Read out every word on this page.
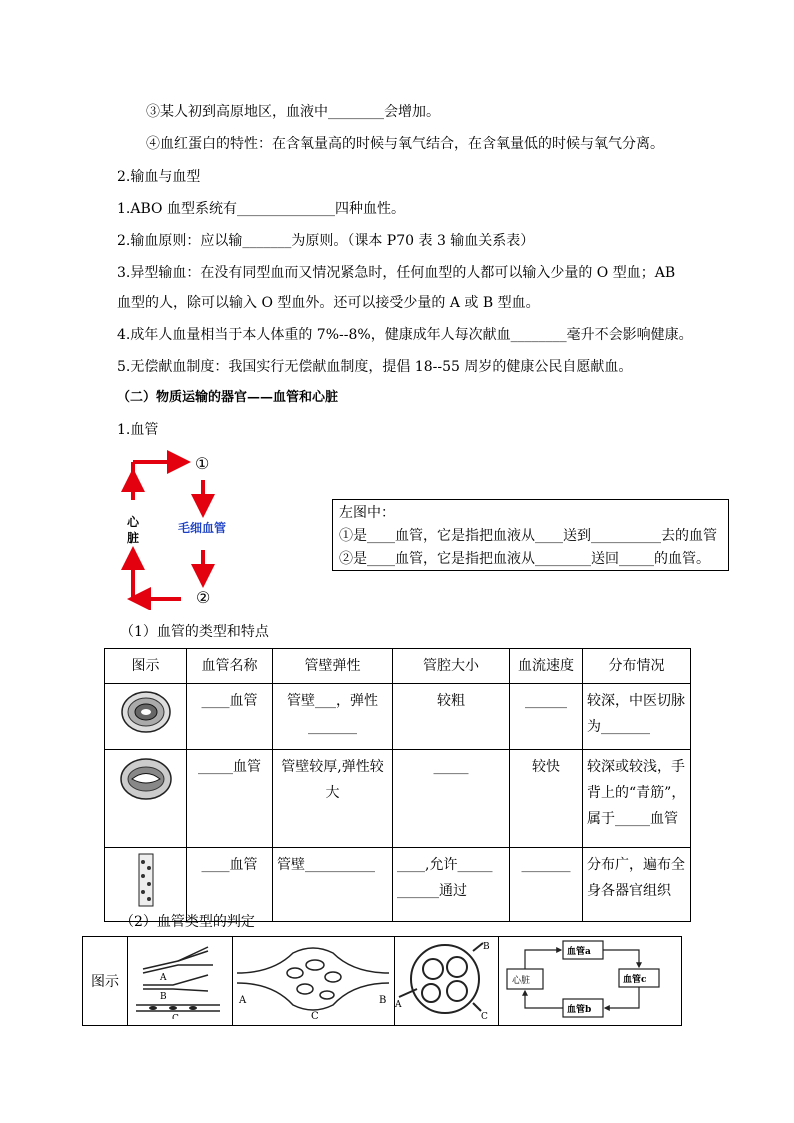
③某人初到高原地区，血液中________会增加。
④血红蛋白的特性：在含氧量高的时候与氧气结合，在含氧量低的时候与氧气分离。
2.输血与血型
1.ABO 血型系统有______________四种血性。
2.输血原则：应以输_______为原则。（课本 P70 表 3 输血关系表）
3.异型输血：在没有同型血而又情况紧急时，任何血型的人都可以输入少量的 O 型血；AB
血型的人，除可以输入 O 型血外。还可以接受少量的 A 或 B 型血。
4.成年人血量相当于本人体重的 7%--8%，健康成年人每次献血________毫升不会影响健康。
5.无偿献血制度：我国实行无偿献血制度，提倡 18--55 周岁的健康公民自愿献血。
（二）物质运输的器官——血管和心脏
1.血管
①
②
心
脏
毛细血管
左图中：
①是____血管，它是指把血液从____送到__________去的血管
②是____血管，它是指把血液从________送回_____的血管。
（1）血管的类型和特点
图示	血管名称	管壁弹性	管腔大小	血流速度	分布情况
	____血管	管壁___，弹性_______	较粗	______	较深，中医切脉为_______
	_____血管	管壁较厚,弹性较大	_____	较快	较深或较浅，手背上的“青筋”，属于_____血管
	____血管	管壁__________	____,允许_____ ______通过	_______	分布广，遍布全身各器官组织
（2）血管类型的判定
图示	A
B
C

A
C
B

B
A
C

心脏
血管a
血管c
血管b
